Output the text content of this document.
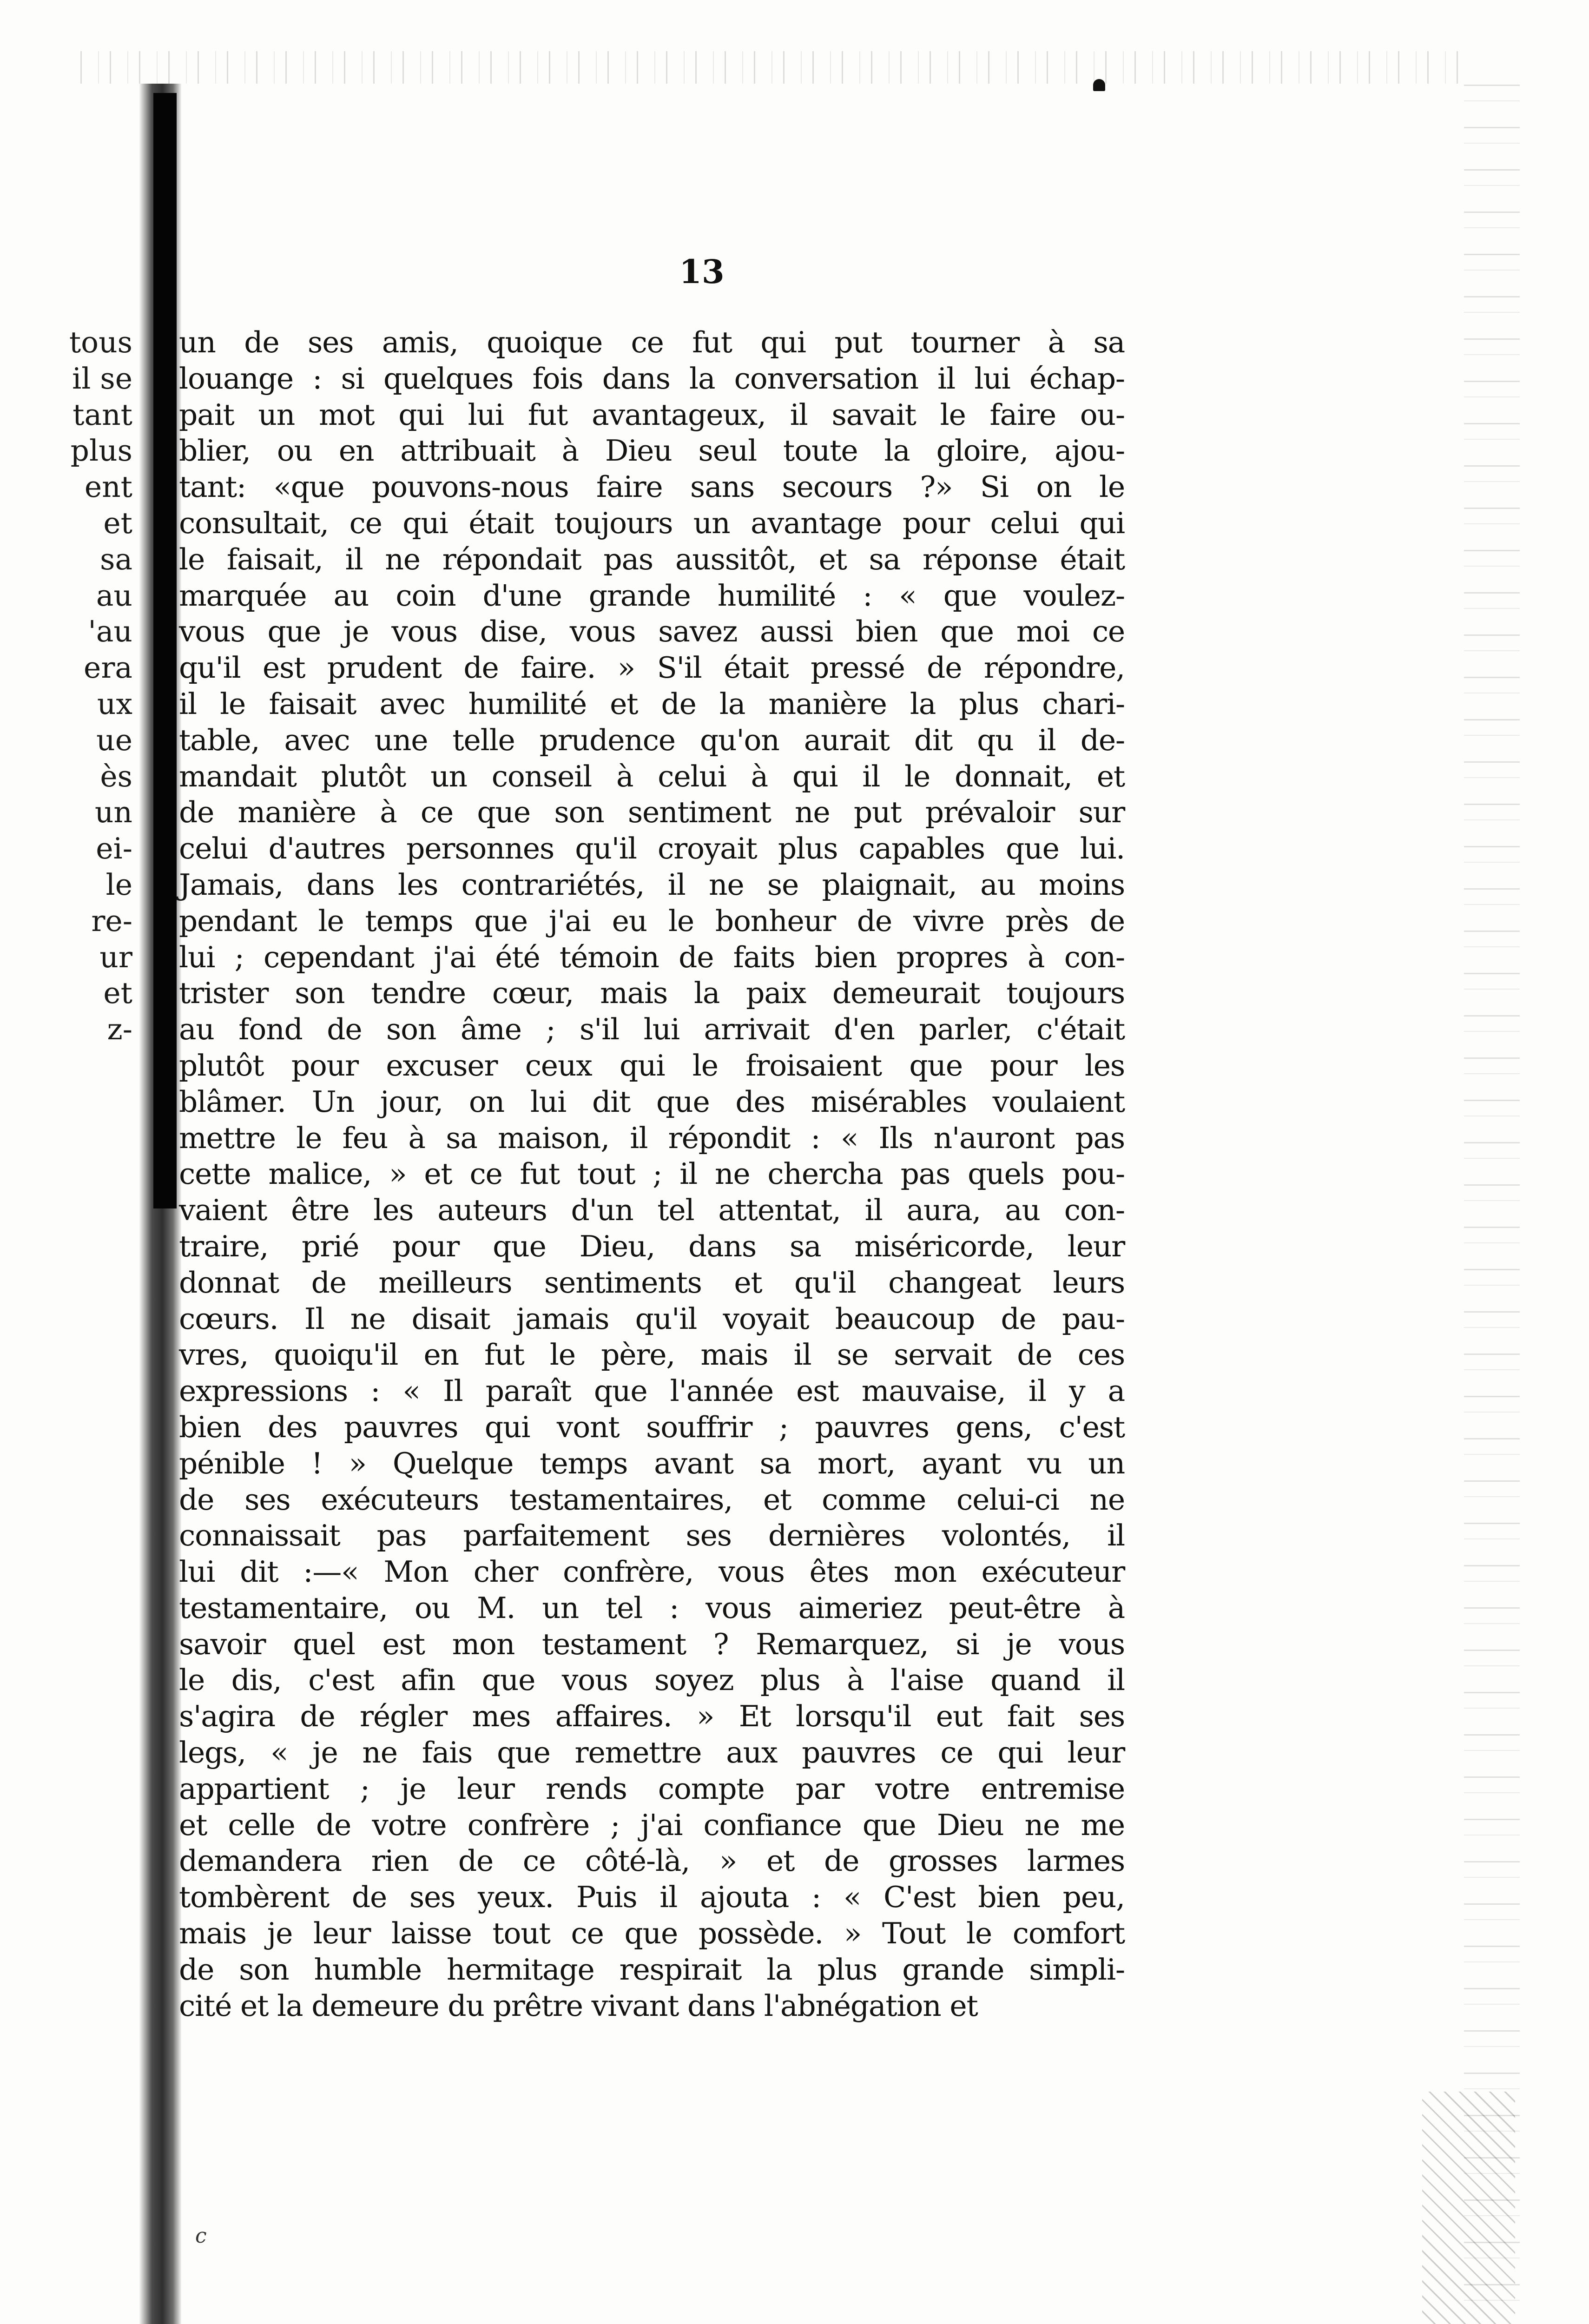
tous
il se
tant
plus
ent
et
sa
au
'au
era
ux
ue
ès
un
ei-
le
re-
ur
et
z-
13
un de ses amis, quoique ce fut qui put tourner à sa
louange : si quelques fois dans la conversation il lui échap-
pait un mot qui lui fut avantageux, il savait le faire ou-
blier, ou en attribuait à Dieu seul toute la gloire, ajou-
tant: «que pouvons-nous faire sans secours ?» Si on le
consultait, ce qui était toujours un avantage pour celui qui
le faisait, il ne répondait pas aussitôt, et sa réponse était
marquée au coin d'une grande humilité : « que voulez-
vous que je vous dise, vous savez aussi bien que moi ce
qu'il est prudent de faire. » S'il était pressé de répondre,
il le faisait avec humilité et de la manière la plus chari-
table, avec une telle prudence qu'on aurait dit qu il de-
mandait plutôt un conseil à celui à qui il le donnait, et
de manière à ce que son sentiment ne put prévaloir sur
celui d'autres personnes qu'il croyait plus capables que lui.
Jamais, dans les contrariétés, il ne se plaignait, au moins
pendant le temps que j'ai eu le bonheur de vivre près de
lui ; cependant j'ai été témoin de faits bien propres à con-
trister son tendre cœur, mais la paix demeurait toujours
au fond de son âme ; s'il lui arrivait d'en parler, c'était
plutôt pour excuser ceux qui le froisaient que pour les
blâmer. Un jour, on lui dit que des misérables voulaient
mettre le feu à sa maison, il répondit : « Ils n'auront pas
cette malice, » et ce fut tout ; il ne chercha pas quels pou-
vaient être les auteurs d'un tel attentat, il aura, au con-
traire, prié pour que Dieu, dans sa miséricorde, leur
donnat de meilleurs sentiments et qu'il changeat leurs
cœurs. Il ne disait jamais qu'il voyait beaucoup de pau-
vres, quoiqu'il en fut le père, mais il se servait de ces
expressions : « Il paraît que l'année est mauvaise, il y a
bien des pauvres qui vont souffrir ; pauvres gens, c'est
pénible ! » Quelque temps avant sa mort, ayant vu un
de ses exécuteurs testamentaires, et comme celui-ci ne
connaissait pas parfaitement ses dernières volontés, il
lui dit :—« Mon cher confrère, vous êtes mon exécuteur
testamentaire, ou M. un tel : vous aimeriez peut-être à
savoir quel est mon testament ? Remarquez, si je vous
le dis, c'est afin que vous soyez plus à l'aise quand il
s'agira de régler mes affaires. » Et lorsqu'il eut fait ses
legs, « je ne fais que remettre aux pauvres ce qui leur
appartient ; je leur rends compte par votre entremise
et celle de votre confrère ; j'ai confiance que Dieu ne me
demandera rien de ce côté-là, » et de grosses larmes
tombèrent de ses yeux. Puis il ajouta : « C'est bien peu,
mais je leur laisse tout ce que possède. » Tout le comfort
de son humble hermitage respirait la plus grande simpli-
cité et la demeure du prêtre vivant dans l'abnégation et
c
